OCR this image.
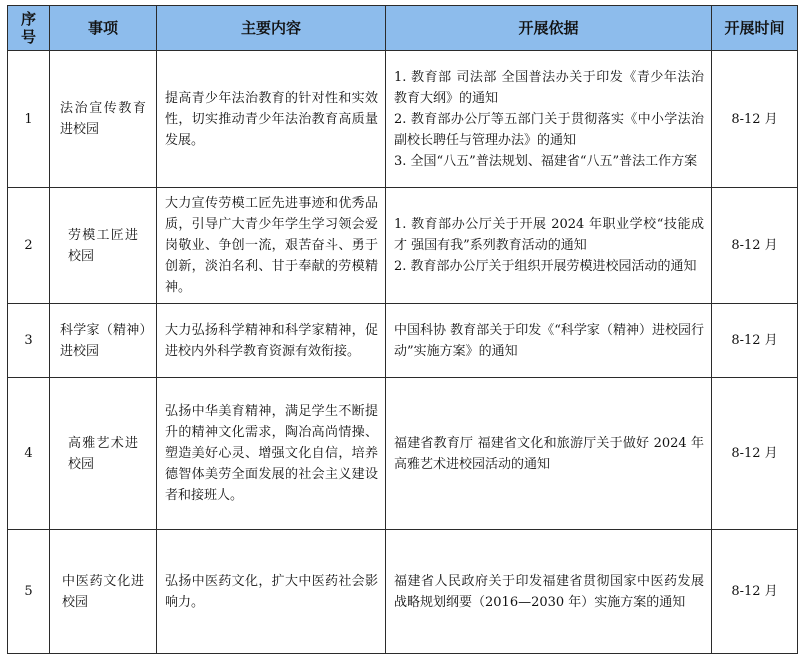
序
号	事项	主要内容	开展依据	开展时间
1	法治宣传教育进校园	提高青少年法治教育的针对性和实效性，切实推动青少年法治教育高质量发展。	1. 教育部 司法部 全国普法办关于印发《青少年法治教育大纲》的通知
2. 教育部办公厅等五部门关于贯彻落实《中小学法治副校长聘任与管理办法》的通知
3. 全国“八五”普法规划、福建省“八五”普法工作方案	8-12 月
2	劳模工匠进校园	大力宣传劳模工匠先进事迹和优秀品质，引导广大青少年学生学习领会爱岗敬业、争创一流，艰苦奋斗、勇于创新，淡泊名利、甘于奉献的劳模精神。	1. 教育部办公厅关于开展 2024 年职业学校“技能成才 强国有我”系列教育活动的通知
2. 教育部办公厅关于组织开展劳模进校园活动的通知	8-12 月
3	科学家（精神）进校园	大力弘扬科学精神和科学家精神，促进校内外科学教育资源有效衔接。	中国科协 教育部关于印发《“科学家（精神）进校园行动”实施方案》的通知	8-12 月
4	高雅艺术进校园	弘扬中华美育精神，满足学生不断提升的精神文化需求，陶冶高尚情操、塑造美好心灵、增强文化自信，培养德智体美劳全面发展的社会主义建设者和接班人。	福建省教育厅 福建省文化和旅游厅关于做好 2024 年高雅艺术进校园活动的通知	8-12 月
5	中医药文化进校园	弘扬中医药文化，扩大中医药社会影响力。	福建省人民政府关于印发福建省贯彻国家中医药发展战略规划纲要（2016—2030 年）实施方案的通知	8-12 月
